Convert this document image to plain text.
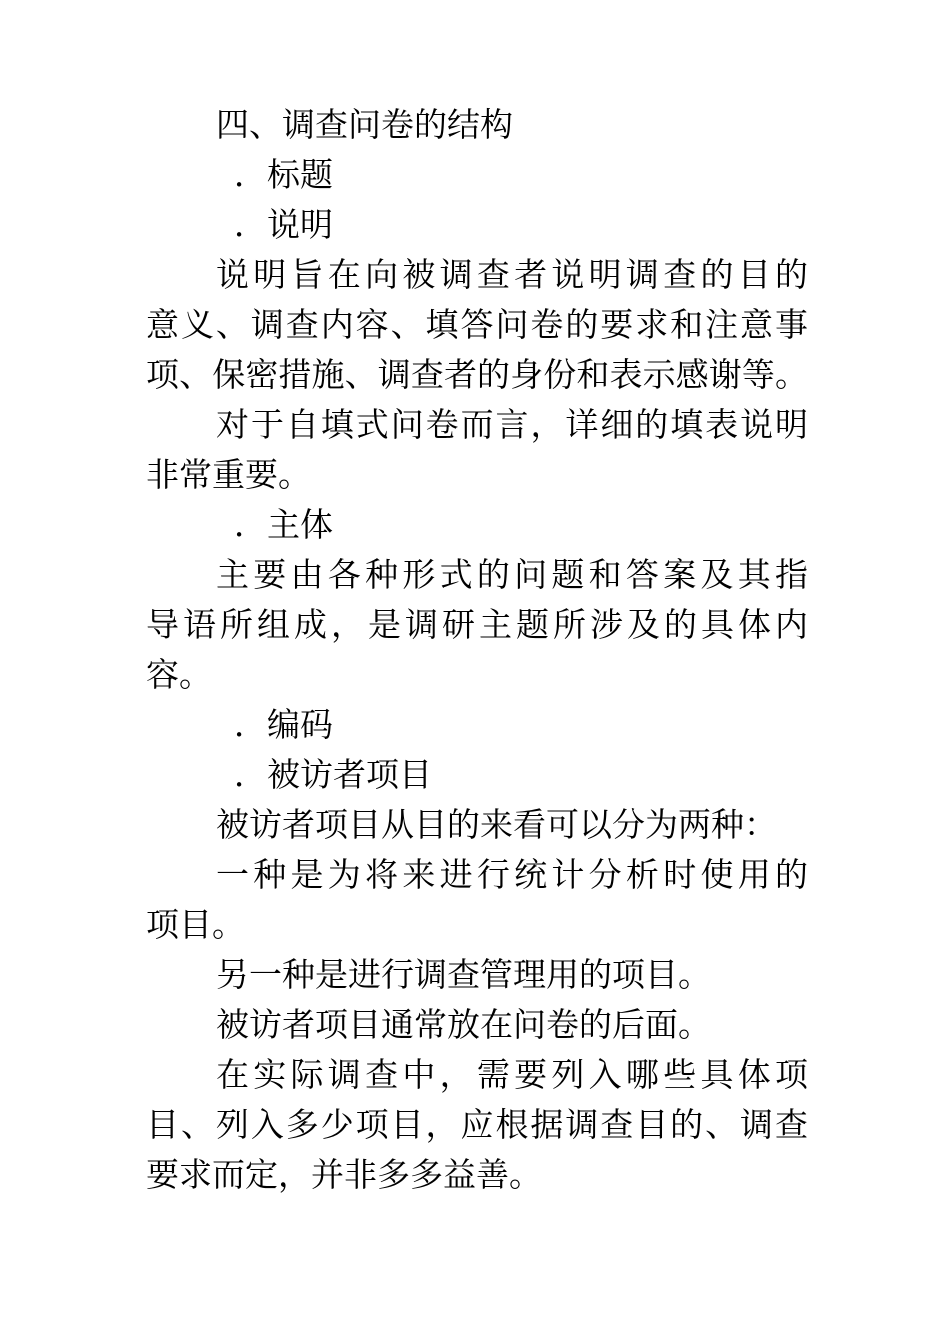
四、调查问卷的结构
．标题
．说明
说明旨在向被调查者说明调查的目的
意义、调查内容、填答问卷的要求和注意事
项、保密措施、调查者的身份和表示感谢等。
对于自填式问卷而言，详细的填表说明
非常重要。
．主体
主要由各种形式的问题和答案及其指
导语所组成，是调研主题所涉及的具体内
容。
．编码
．被访者项目
被访者项目从目的来看可以分为两种：
一种是为将来进行统计分析时使用的
项目。
另一种是进行调查管理用的项目。
被访者项目通常放在问卷的后面。
在实际调查中，需要列入哪些具体项
目、列入多少项目，应根据调查目的、调查
要求而定，并非多多益善。
